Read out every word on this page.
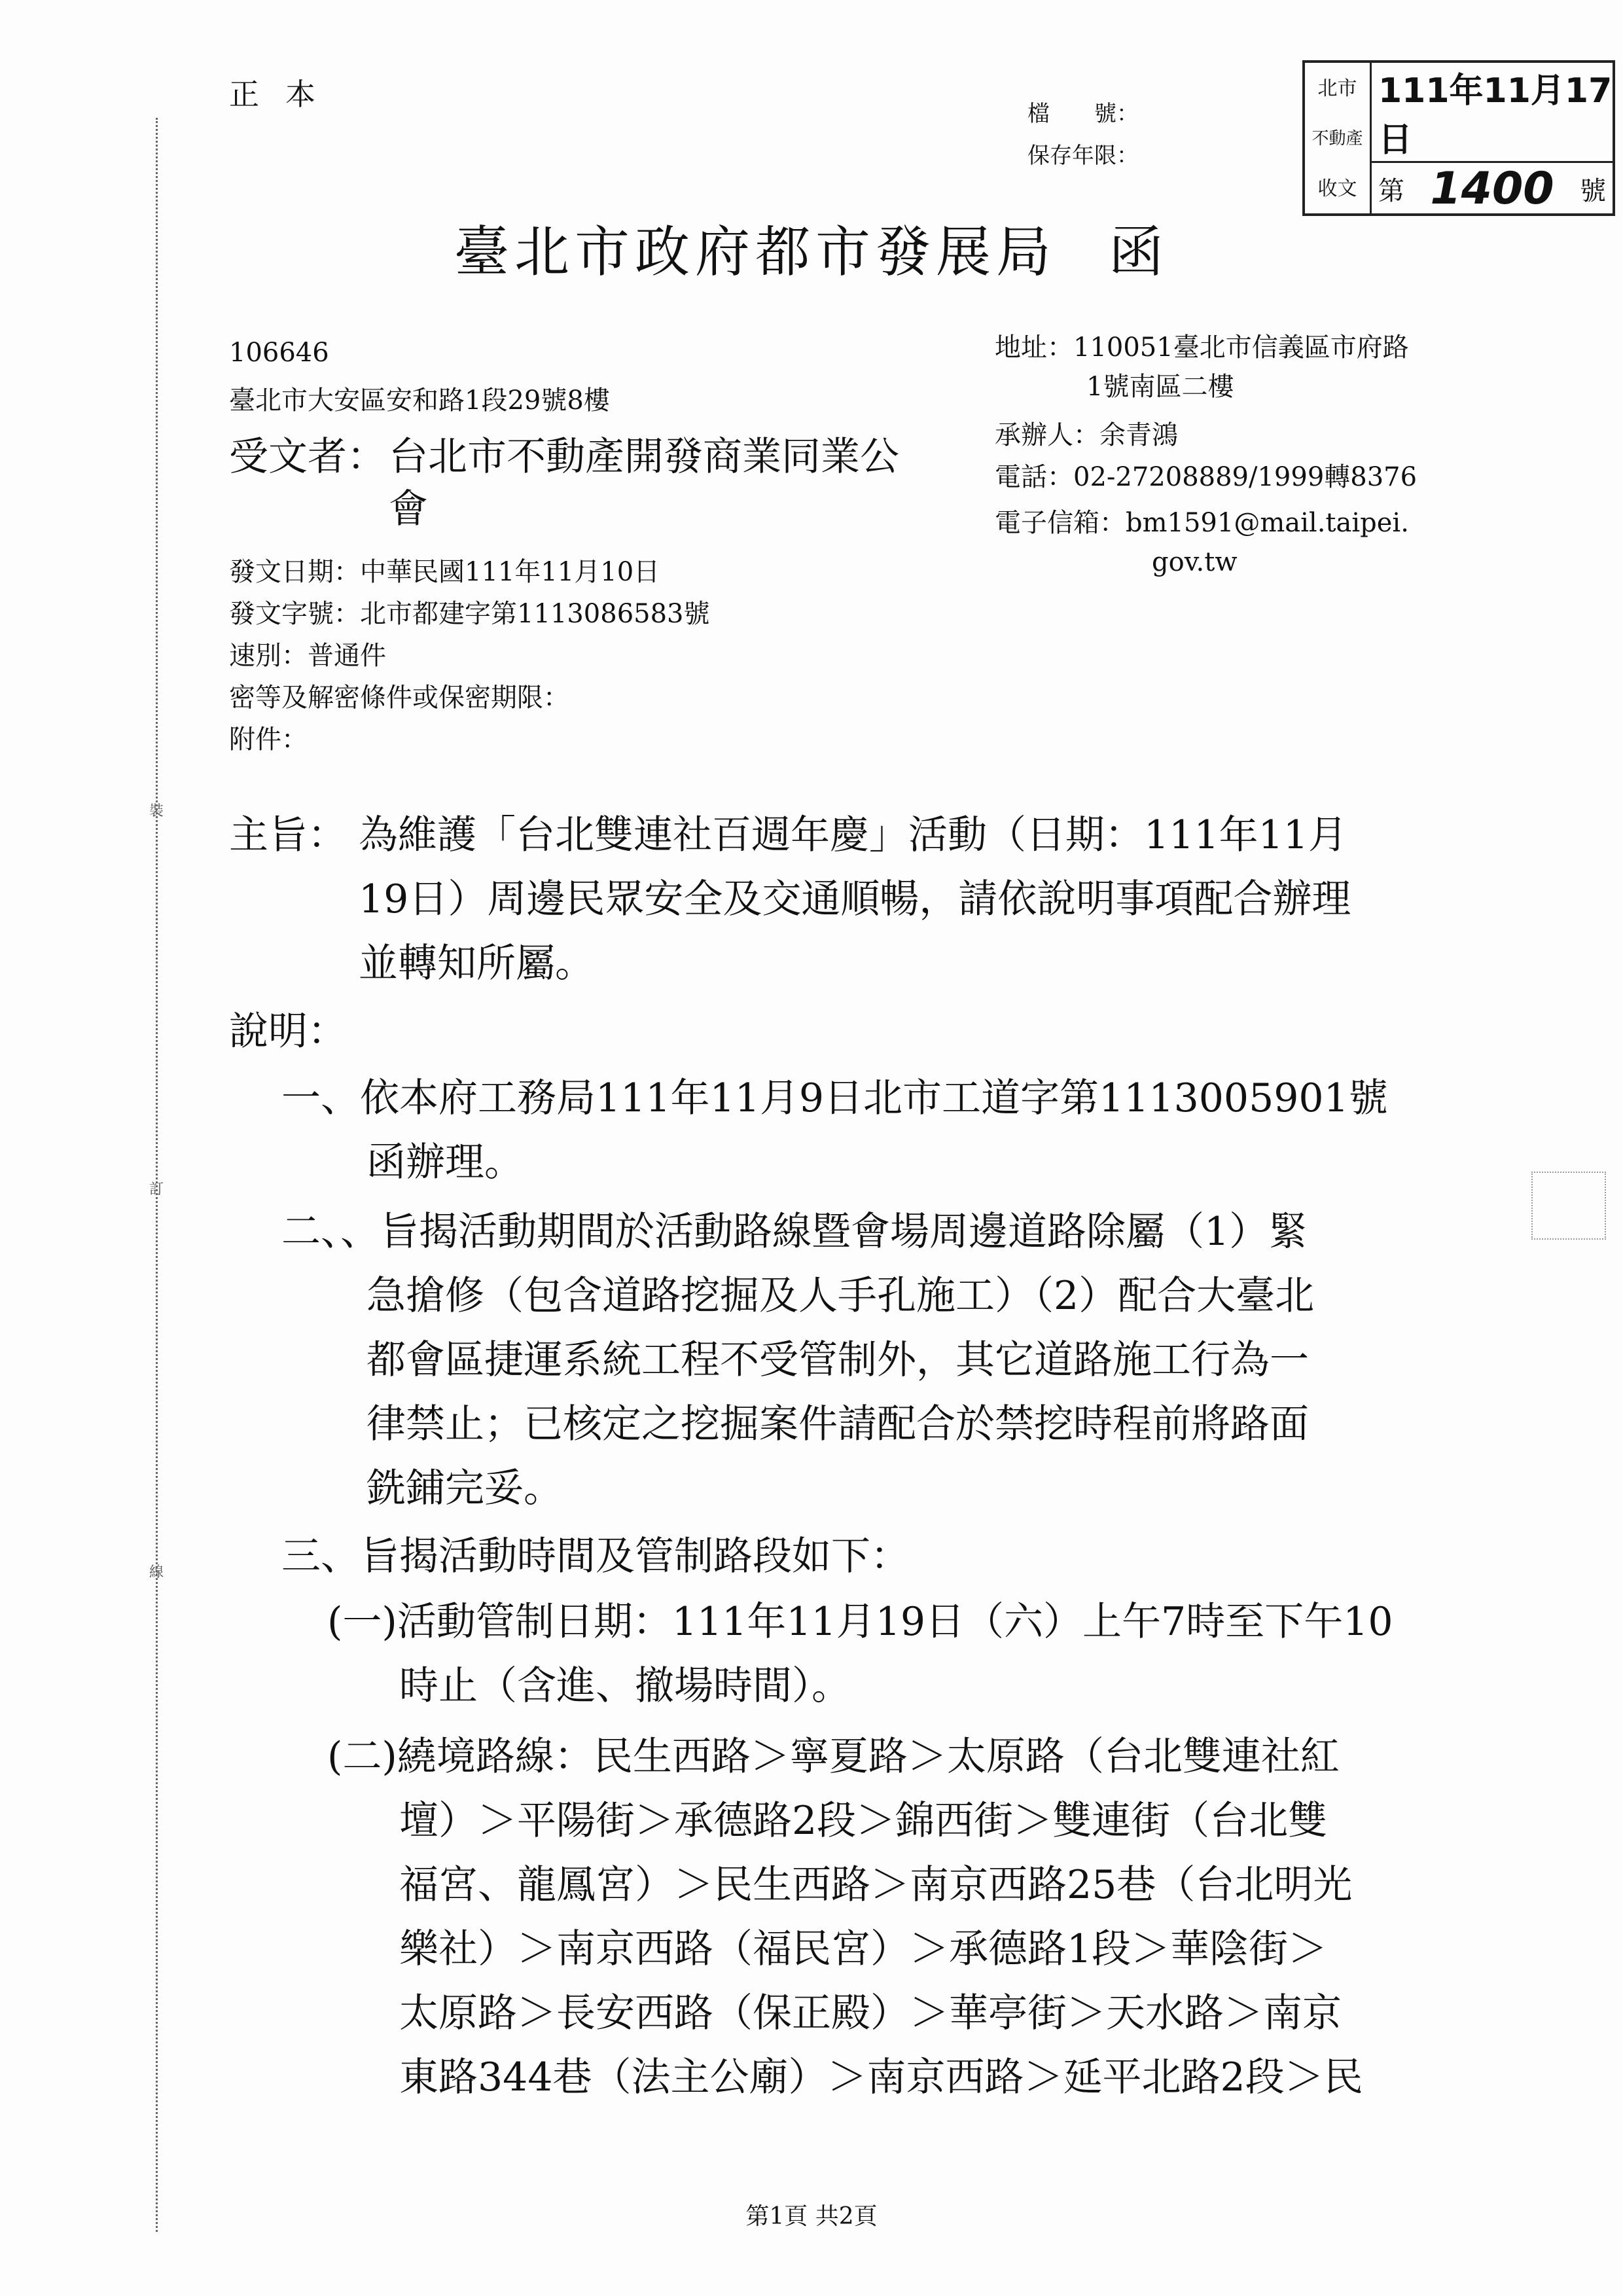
裝
訂
線
正本
檔　　號：
保存年限：
北市
不動產
收文
111年11月17日
第 1400 號
臺北市政府都市發展局 函
106646
臺北市大安區安和路1段29號8樓
受文者： 台北市不動產開發商業同業公
會
地址：110051臺北市信義區市府路
1號南區二樓
承辦人：余青鴻
電話：02-27208889/1999轉8376
電子信箱：bm1591@mail.taipei.
gov.tw
發文日期：中華民國111年11月10日
發文字號：北市都建字第1113086583號
速別：普通件
密等及解密條件或保密期限：
附件：
主旨： 為維護「台北雙連社百週年慶」活動（日期：111年11月
19日）周邊民眾安全及交通順暢，請依說明事項配合辦理
並轉知所屬。
說明：
一、依本府工務局111年11月9日北市工道字第1113005901號
函辦理。
二、、旨揭活動期間於活動路線暨會場周邊道路除屬（1）緊
急搶修（包含道路挖掘及人手孔施工）（2）配合大臺北
都會區捷運系統工程不受管制外，其它道路施工行為一
律禁止；已核定之挖掘案件請配合於禁挖時程前將路面
銑鋪完妥。
三、旨揭活動時間及管制路段如下：
(一)活動管制日期：111年11月19日（六）上午7時至下午10
時止（含進、撤場時間）。
(二)繞境路線：民生西路＞寧夏路＞太原路（台北雙連社紅
壇）＞平陽街＞承德路2段＞錦西街＞雙連街（台北雙
福宮、龍鳳宮）＞民生西路＞南京西路25巷（台北明光
樂社）＞南京西路（福民宮）＞承德路1段＞華陰街＞
太原路＞長安西路（保正殿）＞華亭街＞天水路＞南京
東路344巷（法主公廟）＞南京西路＞延平北路2段＞民
第1頁 共2頁
